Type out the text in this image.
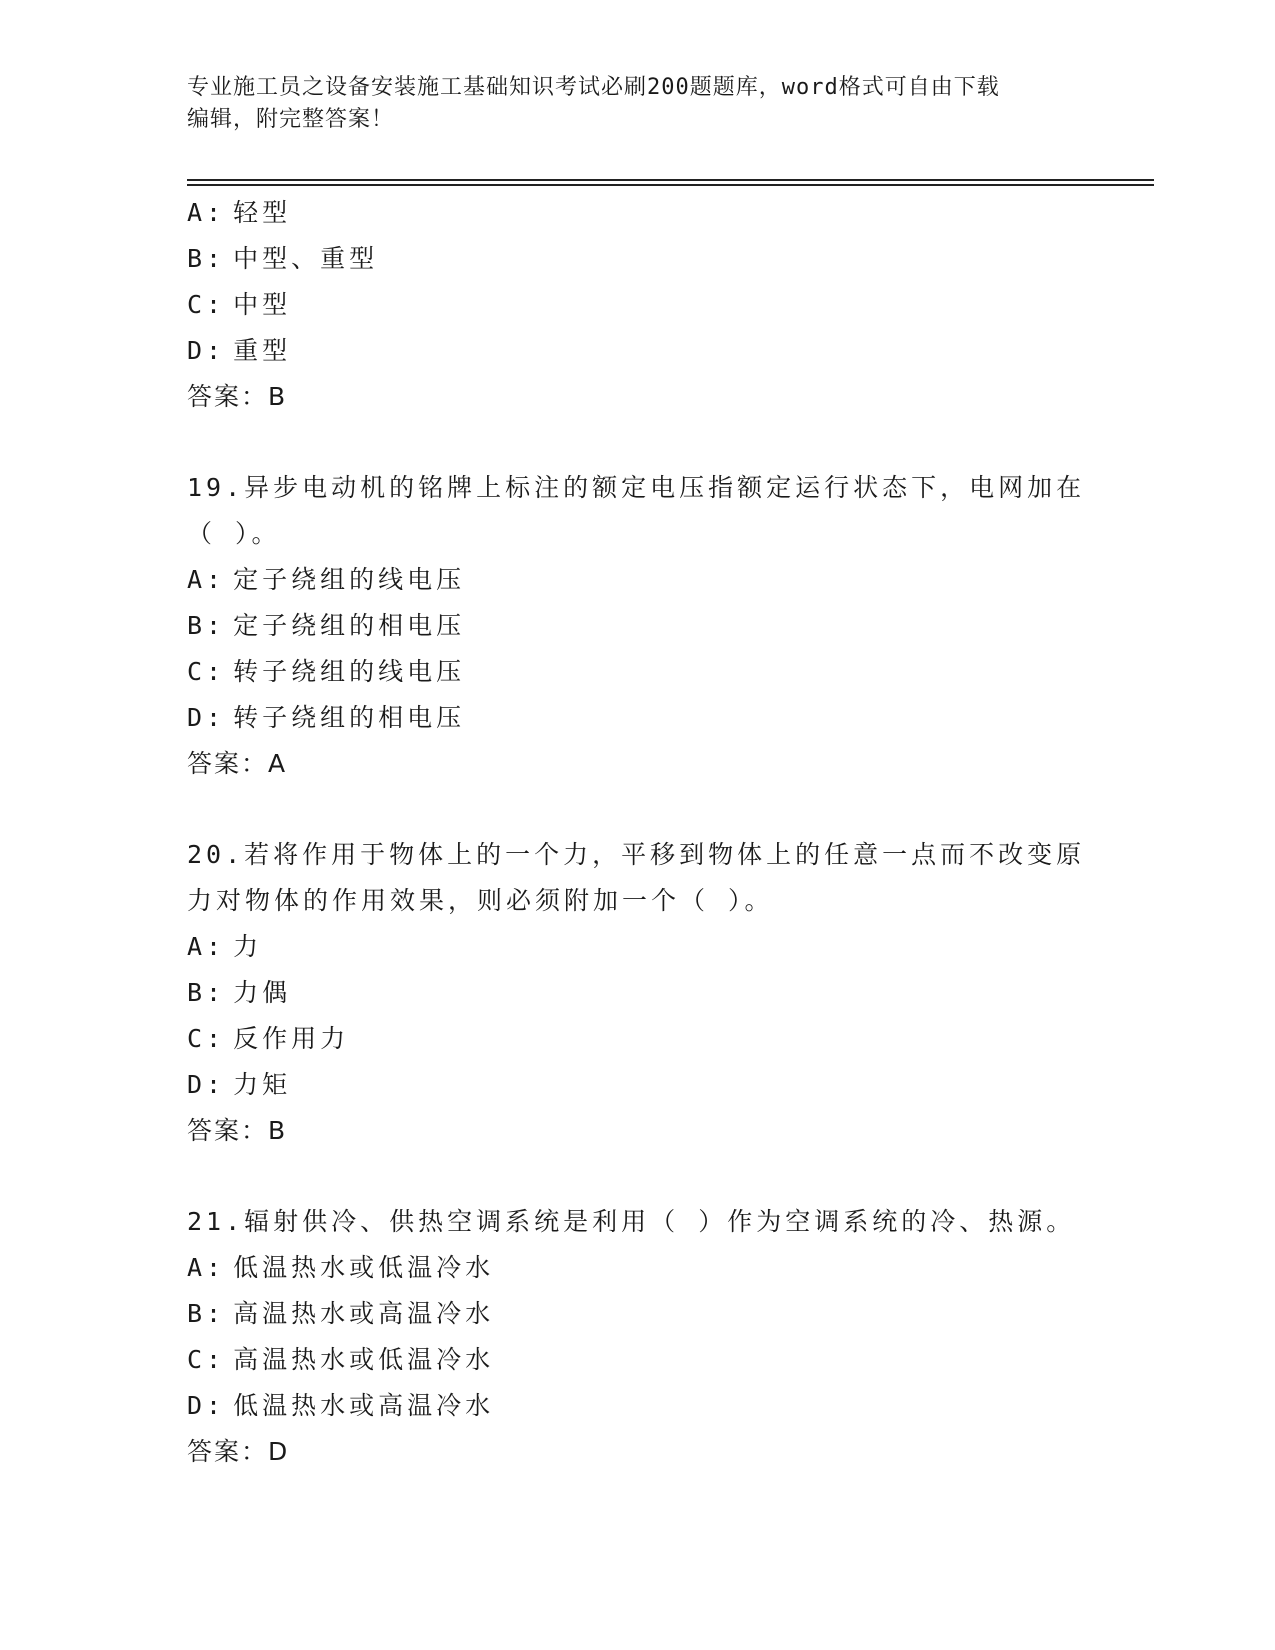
专业施工员之设备安装施工基础知识考试必刷200题题库，word格式可自由下载
编辑，附完整答案！
A: 轻型
B: 中型、重型
C: 中型
D: 重型
答案：B
19.异步电动机的铭牌上标注的额定电压指额定运行状态下，电网加在
（ ）。
A: 定子绕组的线电压
B: 定子绕组的相电压
C: 转子绕组的线电压
D: 转子绕组的相电压
答案：A
20.若将作用于物体上的一个力，平移到物体上的任意一点而不改变原
力对物体的作用效果，则必须附加一个（ ）。
A: 力
B: 力偶
C: 反作用力
D: 力矩
答案：B
21.辐射供冷、供热空调系统是利用（ ）作为空调系统的冷、热源。
A: 低温热水或低温冷水
B: 高温热水或高温冷水
C: 高温热水或低温冷水
D: 低温热水或高温冷水
答案：D
